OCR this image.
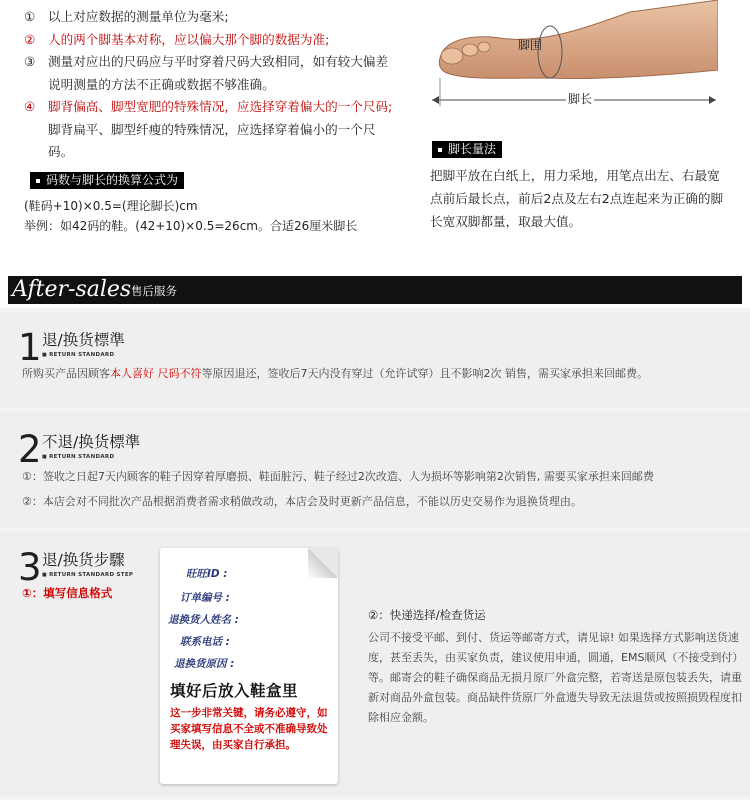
①	以上对应数据的测量单位为毫米;
②	人的两个脚基本对称，应以偏大那个脚的数据为准;
③	测量对应出的尺码应与平时穿着尺码大致相同，如有较大偏差说明测量的方法不正确或数据不够准确。
④	脚背偏高、脚型宽肥的特殊情况，应选择穿着偏大的一个尺码;
脚背扁平、脚型纤瘦的特殊情况，应选择穿着偏小的一个尺码。
码数与脚长的换算公式为
(鞋码+10)×0.5=(理论脚长)cm
举例：如42码的鞋。(42+10)×0.5=26cm。合适26厘米脚长
脚围
脚长
脚长量法
把脚平放在白纸上，用力采地，用笔点出左、右最宽点前后最长点，前后2点及左右2点连起来为正确的脚长宽双脚都量，取最大值。
After-sales 售后服务
1 退/换货標準
■ RETURN STANDARD
所购买产品因顾客本人喜好 尺码不符等原因退还，签收后7天内没有穿过（允许试穿）且不影响2次 销售，需买家承担来回邮费。
2 不退/换货標準
■ RETURN STANDARD
①：签收之日起7天内顾客的鞋子因穿着厚磨损、鞋面脏污、鞋子经过2次改造、人为损坏等影响第2次销售, 需要买家承担来回邮费
②：本店会对不同批次产品根据消费者需求稍做改动，本店会及时更新产品信息，不能以历史交易作为退换货理由。
3 退/换货步驟
■ RETURN STANDARD STEP
①：填写信息格式
旺旺ID :
订单编号 :
退换货人姓名 :
联系电话 :
退换货原因 :
填好后放入鞋盒里
这一步非常关键，请务必遵守，如买家填写信息不全或不准确导致处理失误，由买家自行承担。
②：快递选择/检查货运
公司不接受平邮、到付、货运等邮寄方式，请见谅! 如果选择方式影响送货速度，甚至丢失，由买家负责，建议使用申通，圆通，EMS顺风（不接受到付）等。邮寄会的鞋子确保商品无损月原厂外盒完整，若寄送是原包装丢失，请重新对商品外盒包装。商品缺件货原厂外盒遗失导致无法退货或按照损毁程度扣除相应金额。
